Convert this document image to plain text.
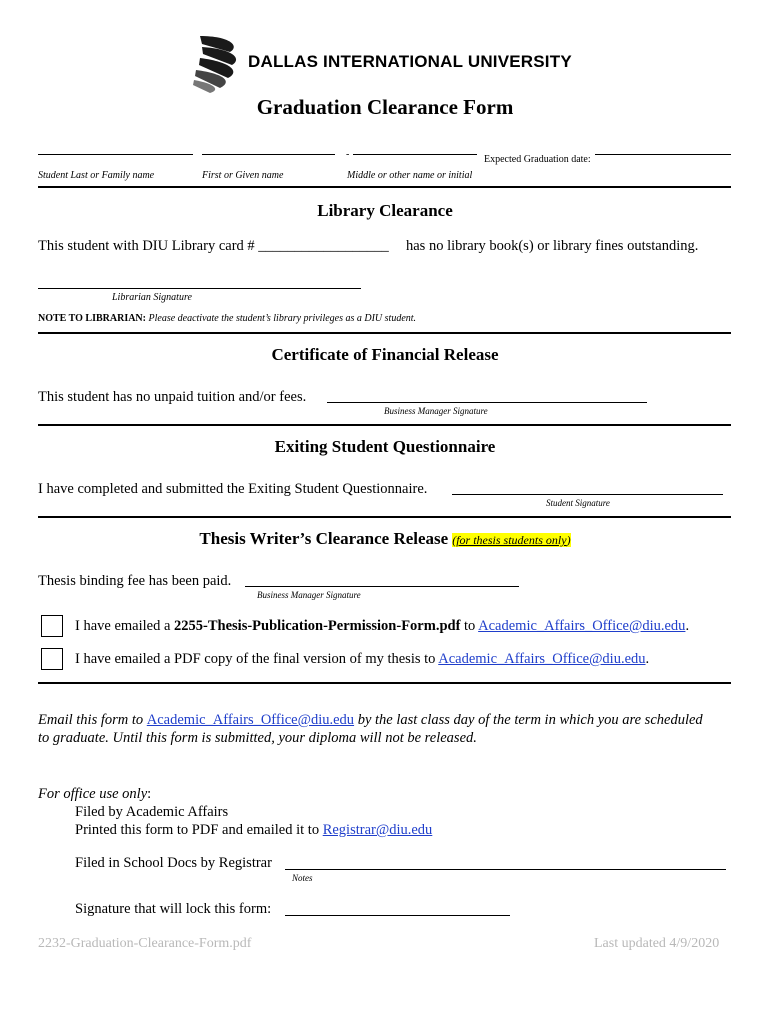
DALLAS INTERNATIONAL UNIVERSITY
Graduation Clearance Form
-	Expected Graduation date:
Student Last or Family name	First or Given name	Middle or other name or initial
Library Clearance
This student with DIU Library card # __________________ has no library book(s) or library fines outstanding.
Librarian Signature
NOTE TO LIBRARIAN: Please deactivate the student’s library privileges as a DIU student.
Certificate of Financial Release
This student has no unpaid tuition and/or fees.
Business Manager Signature
Exiting Student Questionnaire
I have completed and submitted the Exiting Student Questionnaire.
Student Signature
Thesis Writer’s Clearance Release (for thesis students only)
Thesis binding fee has been paid.
Business Manager Signature
I have emailed a 2255-Thesis-Publication-Permission-Form.pdf to Academic_Affairs_Office@diu.edu.
I have emailed a PDF copy of the final version of my thesis to Academic_Affairs_Office@diu.edu.
Email this form to Academic_Affairs_Office@diu.edu by the last class day of the term in which you are scheduled
to graduate. Until this form is submitted, your diploma will not be released.
For office use only:
Filed by Academic Affairs
Printed this form to PDF and emailed it to Registrar@diu.edu
Filed in School Docs by Registrar
Notes
Signature that will lock this form:
2232-Graduation-Clearance-Form.pdf	Last updated 4/9/2020
